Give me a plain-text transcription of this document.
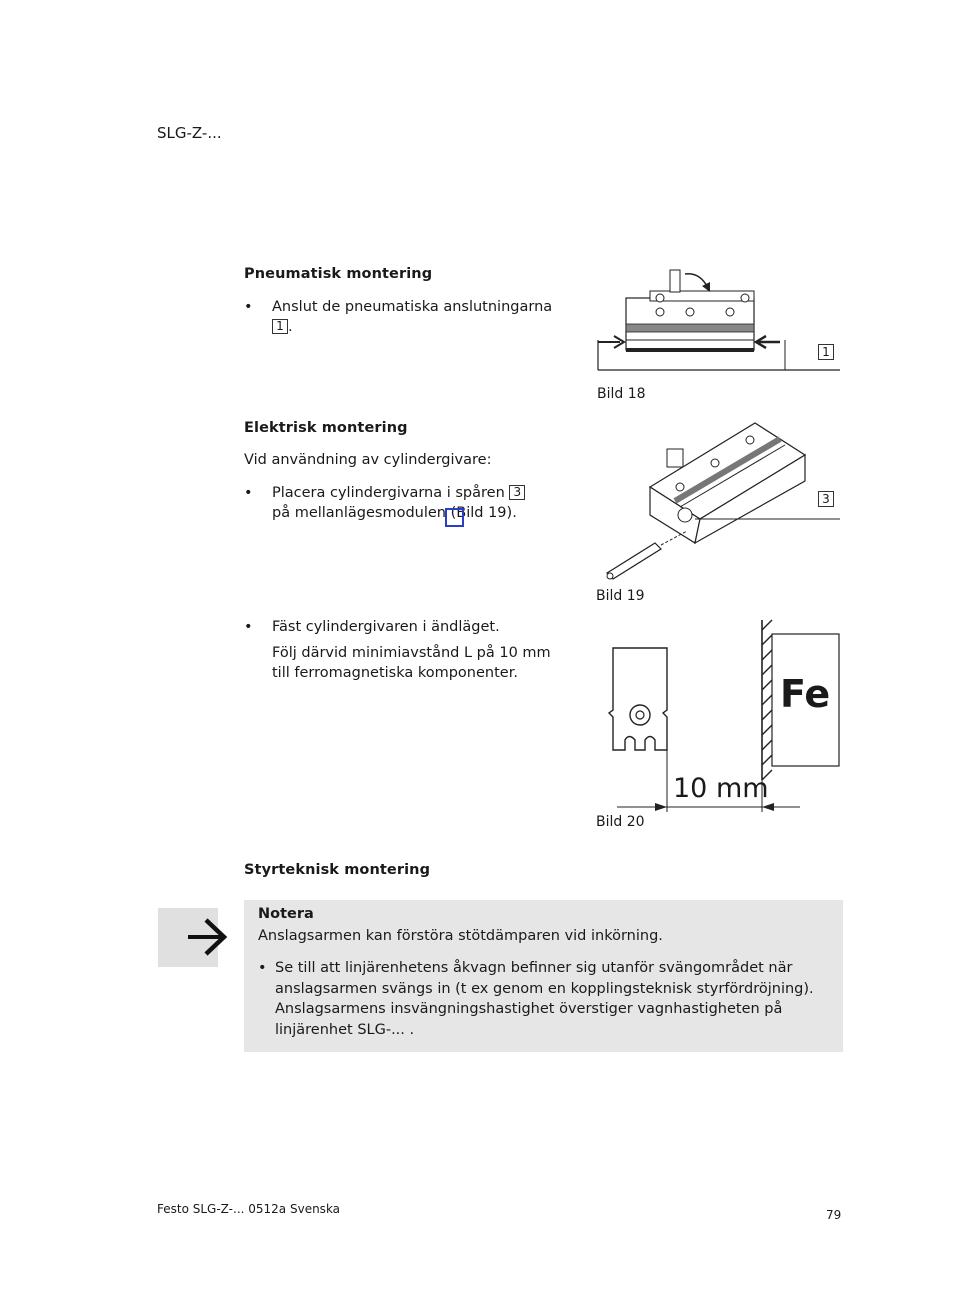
SLG-Z-...
Pneumatisk montering
• Anslut de pneumatiska anslutningarna
1 .
1
Bild 18
Elektrisk montering
Vid användning av cylindergivare:
• Placera cylindergivarna i spåren 3
på mellanlägesmodulen (Bild 19).
3
Bild 19
• Fäst cylindergivaren i ändläget.
Följ därvid minimiavstånd L på 10 mm
till ferromagnetiska komponenter.	Fe
10 mm
Bild 20
Styrteknisk montering
Notera
Anslagsarmen kan förstöra stötdämparen vid inkörning.
• Se till att linjärenhetens åkvagn befinner sig utanför svängområdet när
anslagsarmen svängs in (t ex genom en kopplingsteknisk styrfördröjning).
Anslagsarmens insvängningshastighet överstiger vagnhastigheten på
linjärenhet SLG-... .
Festo SLG-Z-... 0512a Svenska	79
